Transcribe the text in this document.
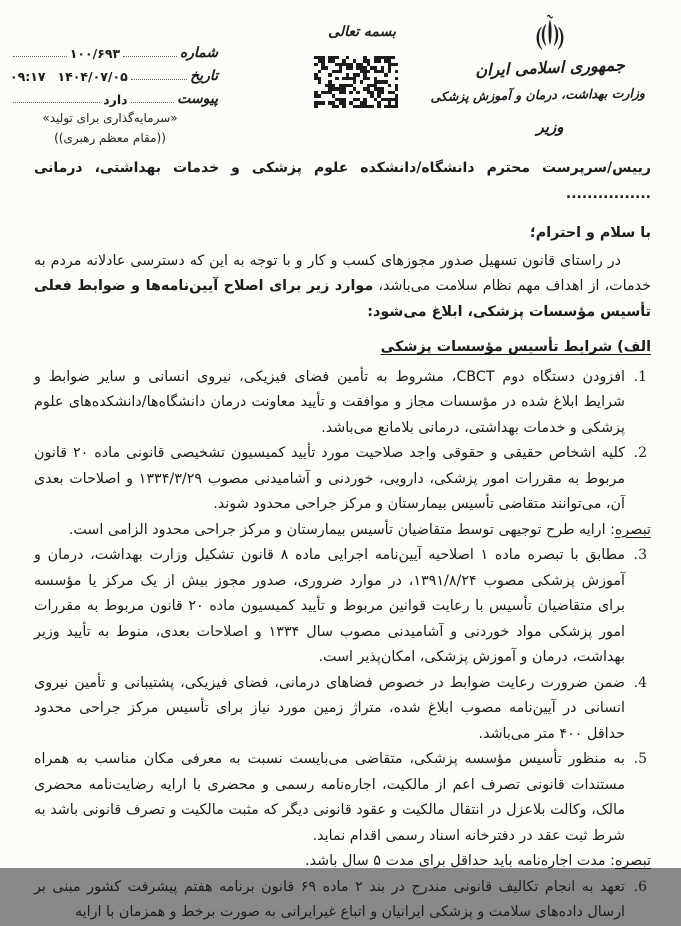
شماره
۱۰۰/۶۹۳
تاریخ
۱۴۰۴/۰۷/۰۵
۰۹:۱۷
پیوست
دارد
«سرمایه‌گذاری برای تولید»
((مقام معظم رهبری))
بسمه تعالی
جمهوری اسلامی ایران
وزارت بهداشت، درمان و آموزش پزشکی
وزیر

رییس/سرپرست محترم دانشگاه/دانشکده علوم پزشکی و خدمات بهداشتی، درمانی ................

با سلام و احترام؛

در راستای قانون تسهیل صدور مجوزهای کسب و کار و با توجه به این که دسترسی عادلانه مردم به خدمات، از اهداف مهم نظام سلامت می‌باشد، موارد زیر برای اصلاح آیین‌نامه‌ها و ضوابط فعلی تأسیس مؤسسات پزشکی، ابلاغ می‌شود:

الف) شرایط تأسیس مؤسسات پزشکی

1.
افزودن دستگاه دوم CBCT، مشروط به تأمین فضای فیزیکی، نیروی انسانی و سایر ضوابط و شرایط ابلاغ شده در مؤسسات مجاز و موافقت و تأیید معاونت درمان دانشگاه‌ها/دانشکده‌های علوم پزشکی و خدمات بهداشتی، درمانی بلامانع می‌باشد.

2.
کلیه اشخاص حقیقی و حقوقی واجد صلاحیت مورد تأیید کمیسیون تشخیصی قانونی ماده ۲۰ قانون مربوط به مقررات امور پزشکی، دارویی، خوردنی و آشامیدنی مصوب ۱۳۳۴/۳/۲۹ و اصلاحات بعدی آن، می‌توانند متقاضی تأسیس بیمارستان و مرکز جراحی محدود شوند.

تبصره: ارایه طرح توجیهی توسط متقاضیان تأسیس بیمارستان و مرکز جراحی محدود الزامی است.

3.
مطابق با تبصره ماده ۱ اصلاحیه آیین‌نامه اجرایی ماده ۸ قانون تشکیل وزارت بهداشت، درمان و آموزش پزشکی مصوب ۱۳۹۱/۸/۲۴، در موارد ضروری، صدور مجوز بیش از یک مرکز یا مؤسسه برای متقاضیان تأسیس با رعایت قوانین مربوط و تأیید کمیسیون ماده ۲۰ قانون مربوط به مقررات امور پزشکی مواد خوردنی و آشامیدنی مصوب سال ۱۳۳۴ و اصلاحات بعدی، منوط به تأیید وزیر بهداشت، درمان و آموزش پزشکی، امکان‌پذیر است.

4.
ضمن ضرورت رعایت ضوابط در خصوص فضاهای درمانی، فضای فیزیکی، پشتیبانی و تأمین نیروی انسانی در آیین‌نامه مصوب ابلاغ شده، متراژ زمین مورد نیاز برای تأسیس مرکز جراحی محدود حداقل ۴۰۰ متر می‌باشد.

5.
به منظور تأسیس مؤسسه پزشکی، متقاضی می‌بایست نسبت به معرفی مکان مناسب به همراه مستندات قانونی تصرف اعم از مالکیت، اجاره‌نامه رسمی و محضری با ارایه رضایت‌نامه محضری مالک، وکالت بلاعزل در انتقال مالکیت و عقود قانونی دیگر که مثبت مالکیت و تصرف قانونی باشد به شرط ثبت عقد در دفترخانه اسناد رسمی اقدام نماید.

تبصره: مدت اجاره‌نامه باید حداقل برای مدت ۵ سال باشد.

6.
تعهد به انجام تکالیف قانونی مندرج در بند ۲ ماده ۶۹ قانون برنامه هفتم پیشرفت کشور مبنی بر ارسال داده‌های سلامت و پزشکی ایرانیان و اتباع غیرایرانی به صورت برخط و همزمان با ارایه
